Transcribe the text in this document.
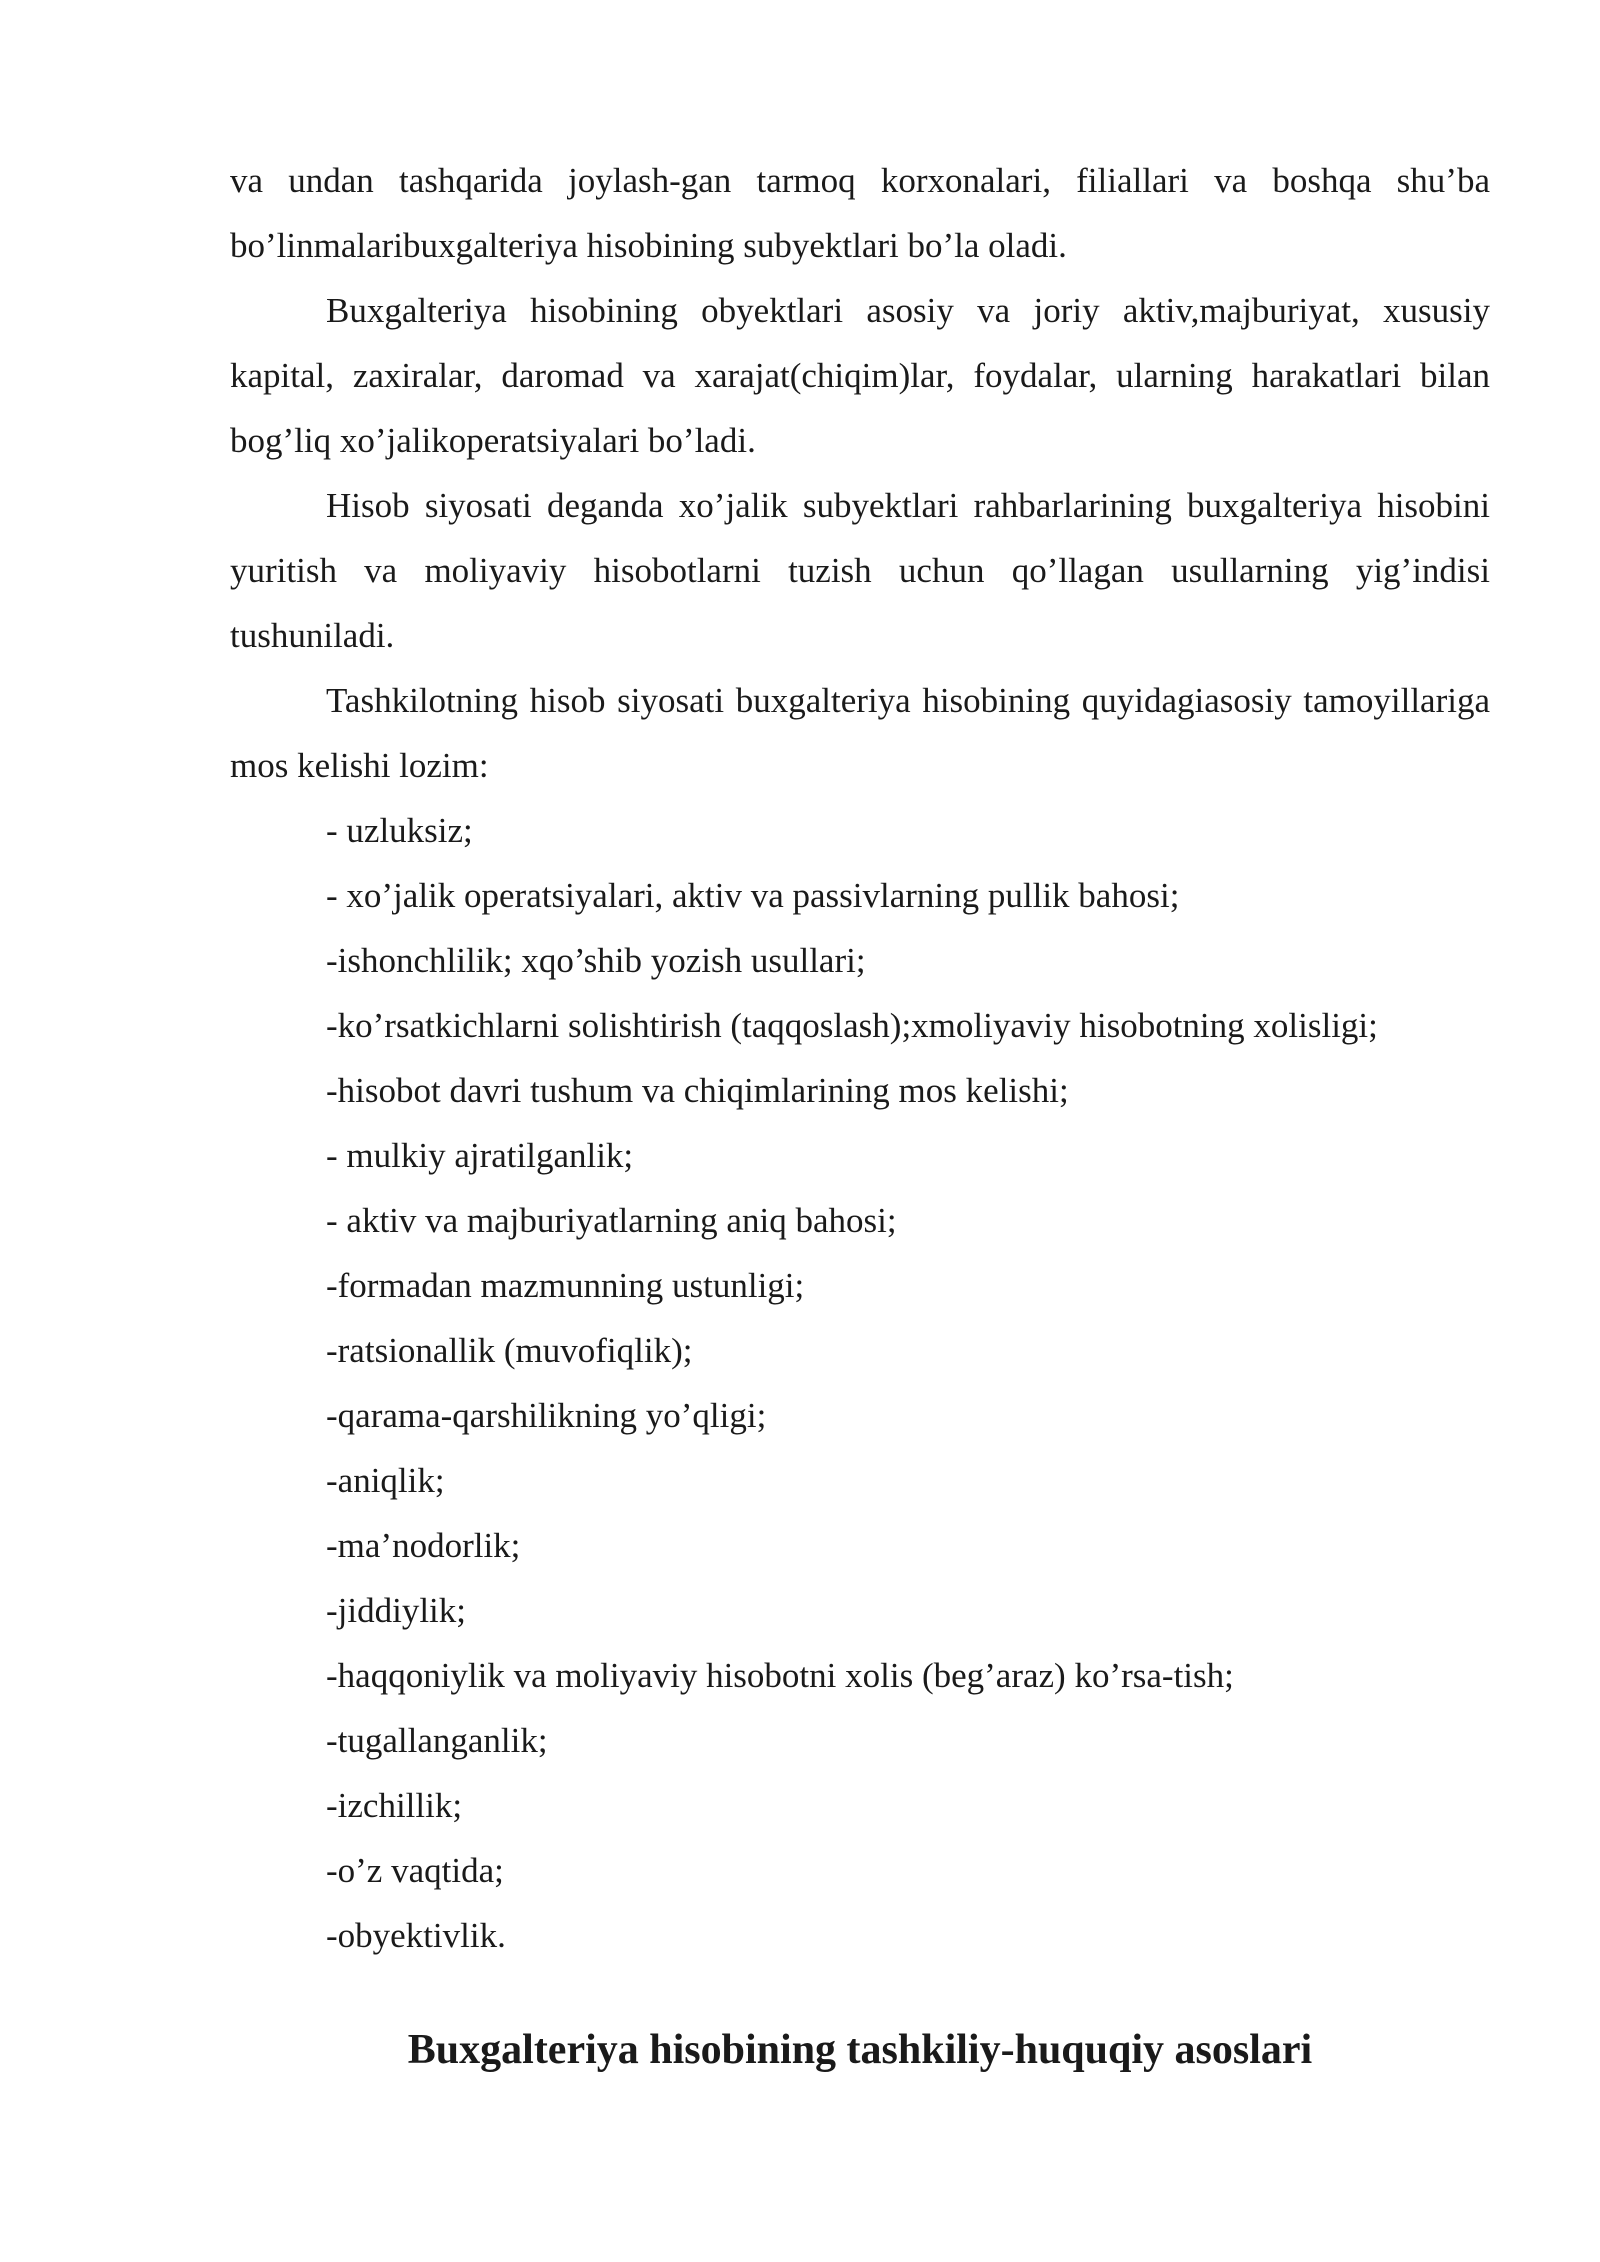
va undan tashqarida joylash-gan tarmoq korxonalari, filiallari va boshqa shu’ba bo’linmalaribuxgalteriya hisobining subyektlari bo’la oladi.

Buxgalteriya hisobining obyektlari asosiy va joriy aktiv,majburiyat, xususiy kapital, zaxiralar, daromad va xarajat(chiqim)lar, foydalar, ularning harakatlari bilan bog’liq xo’jalikoperatsiyalari bo’ladi.

Hisob siyosati deganda xo’jalik subyektlari rahbarlarining buxgalteriya hisobini yuritish va moliyaviy hisobotlarni tuzish uchun qo’llagan usullarning yig’indisi tushuniladi.

Tashkilotning hisob siyosati buxgalteriya hisobining quyidagiasosiy tamoyillariga mos kelishi lozim:

- uzluksiz;

- xo’jalik operatsiyalari, aktiv va passivlarning pullik bahosi;

-ishonchlilik; xqo’shib yozish usullari;

-ko’rsatkichlarni solishtirish (taqqoslash);xmoliyaviy hisobotning xolisligi;

-hisobot davri tushum va chiqimlarining mos kelishi;

- mulkiy ajratilganlik;

- aktiv va majburiyatlarning aniq bahosi;

-formadan mazmunning ustunligi;

-ratsionallik (muvofiqlik);

-qarama-qarshilikning yo’qligi;

-aniqlik;

-ma’nodorlik;

-jiddiylik;

-haqqoniylik va moliyaviy hisobotni xolis (beg’araz) ko’rsa-tish;

-tugallanganlik;

-izchillik;

-o’z vaqtida;

-obyektivlik.

Buxgalteriya hisobining tashkiliy-huquqiy asoslari
